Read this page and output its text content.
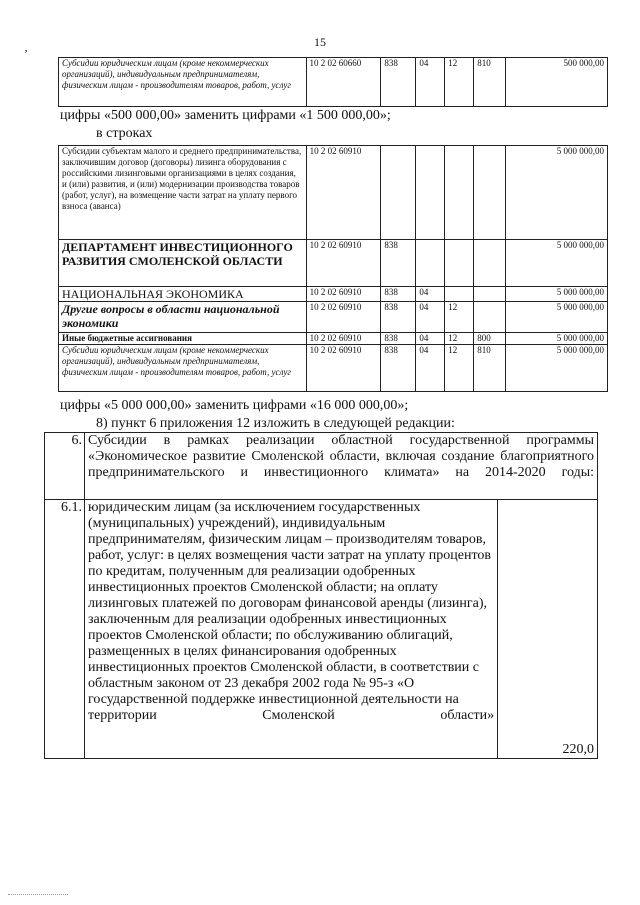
15
‚
Субсидии юридическим лицам (кроме некоммерческих организаций), индивидуальным предпринимателям, физическим лицам - производителям товаров, работ, услуг	10 2 02 60660	838	04	12	810	500 000,00
цифры «500 000,00» заменить цифрами «1 500 000,00»;
в строках
Субсидии субъектам малого и среднего предпринимательства, заключившим договор (договоры) лизинга оборудования с российскими лизинговыми организациями в целях создания, и (или) развития, и (или) модернизации производства товаров (работ, услуг), на возмещение части затрат на уплату первого взноса (аванса)	10 2 02 60910					5 000 000,00
ДЕПАРТАМЕНТ ИНВЕСТИЦИОННОГО РАЗВИТИЯ СМОЛЕНСКОЙ ОБЛАСТИ	10 2 02 60910	838				5 000 000,00
НАЦИОНАЛЬНАЯ ЭКОНОМИКА	10 2 02 60910	838	04			5 000 000,00
Другие вопросы в области национальной экономики	10 2 02 60910	838	04	12		5 000 000,00
Иные бюджетные ассигнования	10 2 02 60910	838	04	12	800	5 000 000,00
Субсидии юридическим лицам (кроме некоммерческих организаций), индивидуальным предпринимателям, физическим лицам - производителям товаров, работ, услуг	10 2 02 60910	838	04	12	810	5 000 000,00
цифры «5 000 000,00» заменить цифрами «16 000 000,00»;
8) пункт 6 приложения 12 изложить в следующей редакции:
6.	Субсидии в рамках реализации областной государственной программы «Экономическое развитие Смоленской области, включая создание благоприятного предпринимательского и инвестиционного климата» на 2014-2020 годы:	
6.1.	юридическим лицам (за исключением государственных (муниципальных) учреждений), индивидуальным предпринимателям, физическим лицам – производителям товаров, работ, услуг: в целях возмещения части затрат на уплату процентов по кредитам, полученным для реализации одобренных инвестиционных проектов Смоленской области; на оплату лизинговых платежей по договорам финансовой аренды (лизинга), заключенным для реализации одобренных инвестиционных проектов Смоленской области; по обслуживанию облигаций, размещенных в целях финансирования одобренных инвестиционных проектов Смоленской области, в соответствии с областным законом от 23 декабря 2002 года № 95-з «О государственной поддержке инвестиционной деятельности на территории Смоленской области»	220,0
